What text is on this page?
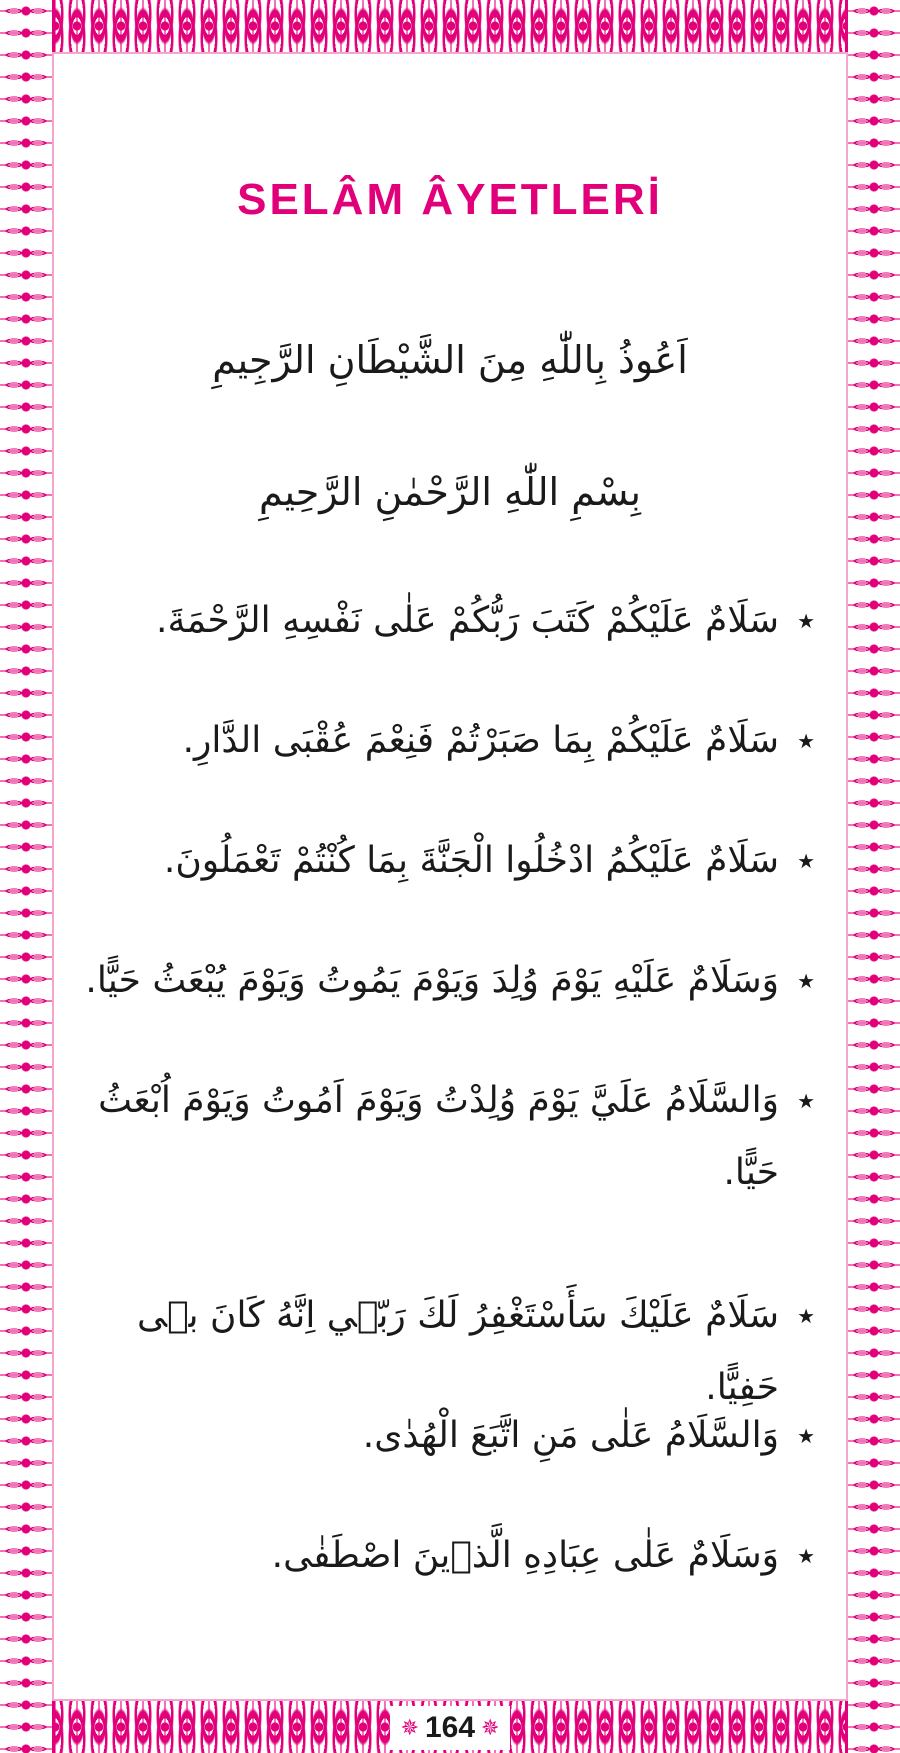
SELÂM ÂYETLERİ

اَعُوذُ بِاللّٰهِ مِنَ الشَّيْطَانِ الرَّجِيمِ

بِسْمِ اللّٰهِ الرَّحْمٰنِ الرَّحِيمِ

★
سَلَامٌ عَلَيْكُمْ كَتَبَ رَبُّكُمْ عَلٰى نَفْسِهِ الرَّحْمَةَ.
★
سَلَامٌ عَلَيْكُمْ بِمَا صَبَرْتُمْ فَنِعْمَ عُقْبَى الدَّارِ.
★
سَلَامٌ عَلَيْكُمُ ادْخُلُوا الْجَنَّةَ بِمَا كُنْتُمْ تَعْمَلُونَ.
★
وَسَلَامٌ عَلَيْهِ يَوْمَ وُلِدَ وَيَوْمَ يَمُوتُ وَيَوْمَ يُبْعَثُ حَيًّا.
★
وَالسَّلَامُ عَلَيَّ يَوْمَ وُلِدْتُ وَيَوْمَ اَمُوتُ وَيَوْمَ اُبْعَثُ حَيًّا.
★
سَلَامٌ عَلَيْكَ سَأَسْتَغْفِرُ لَكَ رَبّٖي اِنَّهُ كَانَ بٖى حَفِيًّا.
★
وَالسَّلَامُ عَلٰى مَنِ اتَّبَعَ الْهُدٰى.
★
وَسَلَامٌ عَلٰى عِبَادِهِ الَّذٖينَ اصْطَفٰى.
✵ 164 ✵
